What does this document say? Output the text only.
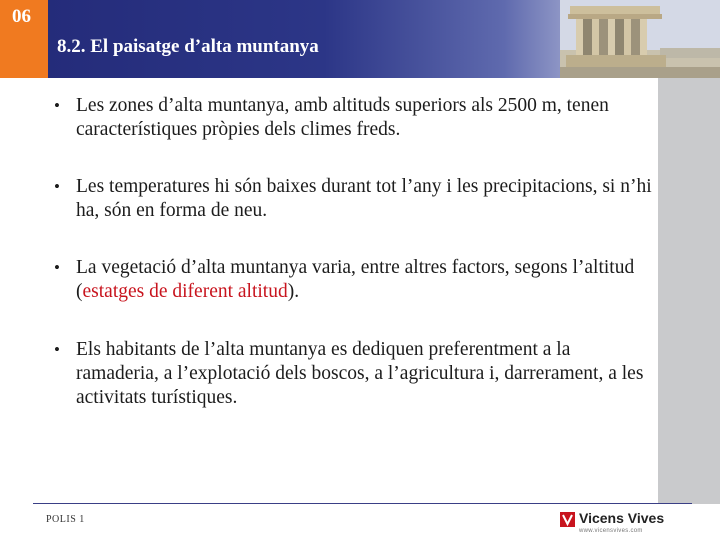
06
8.2. El paisatge d’alta muntanya
• Les zones d’alta muntanya, amb altituds superiors als 2500 m, tenen característiques pròpies dels climes freds.
• Les temperatures hi són baixes durant tot l’any i les precipitacions, si n’hi ha, són en forma de neu.
• La vegetació d’alta muntanya varia, entre altres factors, segons l’altitud (estatges de diferent altitud).
• Els habitants de l’alta muntanya es dediquen preferentment a la ramaderia, a l’explotació dels boscos, a l’agricultura i, darrerament, a les activitats turístiques.
POLIS 1	Vicens Vives
www.vicensvives.com
